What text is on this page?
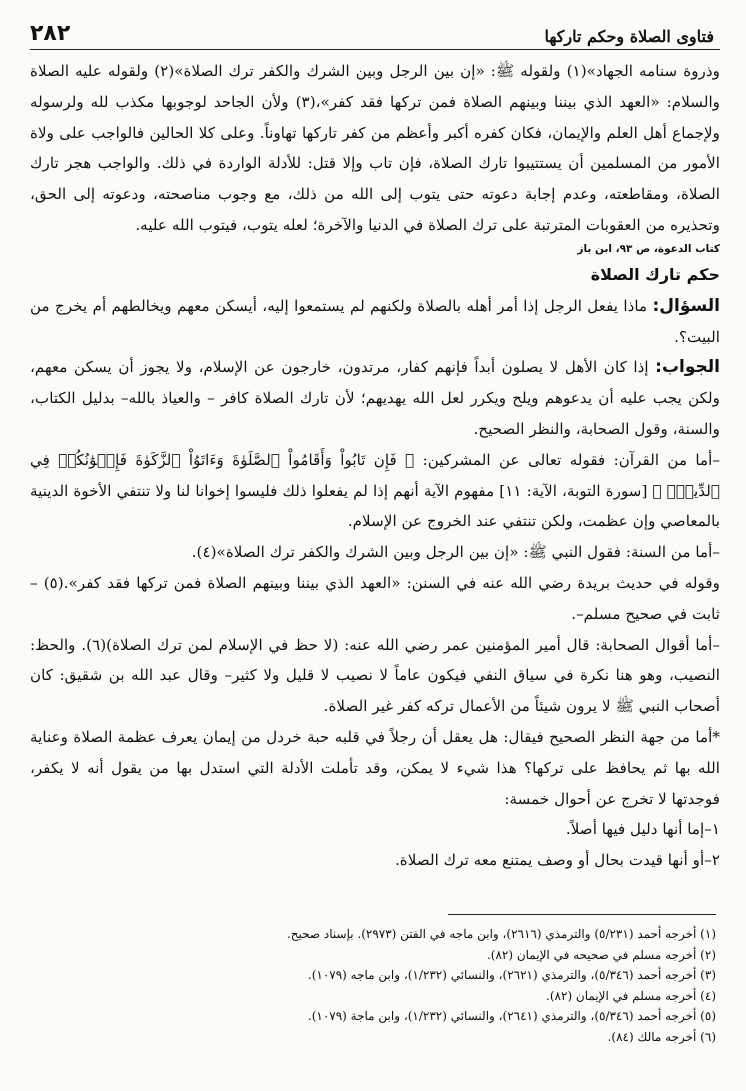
فتاوى الصلاة وحكم تاركها
٢٨٢

وذروة سنامه الجهاد»(١) ولقوله ﷺ: «إن بين الرجل وبين الشرك والكفر ترك الصلاة»(٢) ولقوله عليه الصلاة والسلام: «العهد الذي بيننا وبينهم الصلاة فمن تركها فقد كفر»،(٣) ولأن الجاحد لوجوبها مكذب لله ولرسوله ولإجماع أهل العلم والإيمان، فكان كفره أكبر وأعظم من كفر تاركها تهاوناً. وعلى كلا الحالين فالواجب على ولاة الأمور من المسلمين أن يستتيبوا تارك الصلاة، فإن تاب وإلا قتل: للأدلة الواردة في ذلك. والواجب هجر تارك الصلاة، ومقاطعته، وعدم إجابة دعوته حتى يتوب إلى الله من ذلك، مع وجوب مناصحته، ودعوته إلى الحق، وتحذيره من العقوبات المترتبة على ترك الصلاة في الدنيا والآخرة؛ لعله يتوب، فيتوب الله عليه.

كتاب الدعوة، ص ٩٣، ابن باز

حكم تارك الصلاة

السؤال: ماذا يفعل الرجل إذا أمر أهله بالصلاة ولكنهم لم يستمعوا إليه، أيسكن معهم ويخالطهم أم يخرج من البيت؟.

الجواب: إذا كان الأهل لا يصلون أبداً فإنهم كفار، مرتدون، خارجون عن الإسلام، ولا يجوز أن يسكن معهم، ولكن يجب عليه أن يدعوهم ويلح ويكرر لعل الله يهديهم؛ لأن تارك الصلاة كافر – والعياذ بالله– بدليل الكتاب، والسنة، وقول الصحابة، والنظر الصحيح.

–أما من القرآن: فقوله تعالى عن المشركين: ﴿ فَإِن تَابُواْ وَأَقَامُواْ ٱلصَّلَوٰةَ وَءَاتَوُاْ ٱلزَّكَوٰةَ فَإِخۡوَٰنُكُمۡ فِي ٱلدِّينِۗ ﴾ [سورة التوبة، الآية: ١١] مفهوم الآية أنهم إذا لم يفعلوا ذلك فليسوا إخوانا لنا ولا تنتفي الأخوة الدينية بالمعاصي وإن عظمت، ولكن تنتفي عند الخروج عن الإسلام.

–أما من السنة: فقول النبي ﷺ: «إن بين الرجل وبين الشرك والكفر ترك الصلاة»(٤).

وقوله في حديث بريدة رضي الله عنه في السنن: «العهد الذي بيننا وبينهم الصلاة فمن تركها فقد كفر».(٥) –ثابت في صحيح مسلم–.

–أما أقوال الصحابة: قال أمير المؤمنين عمر رضي الله عنه: (لا حظ في الإسلام لمن ترك الصلاة)(٦). والحظ: النصيب، وهو هنا نكرة في سياق النفي فيكون عاماً لا نصيب لا قليل ولا كثير– وقال عبد الله بن شقيق: كان أصحاب النبي ﷺ لا يرون شيئاً من الأعمال تركه كفر غير الصلاة.

*أما من جهة النظر الصحيح فيقال: هل يعقل أن رجلاً في قلبه حبة خردل من إيمان يعرف عظمة الصلاة وعناية الله بها ثم يحافظ على تركها؟ هذا شيء لا يمكن، وقد تأملت الأدلة التي استدل بها من يقول أنه لا يكفر، فوجدتها لا تخرج عن أحوال خمسة:

١–إما أنها دليل فيها أصلاً.

٢–أو أنها قيدت بحال أو وصف يمتنع معه ترك الصلاة.

(١) أخرجه أحمد (٥/٢٣١) والترمذي (٢٦١٦)، وابن ماجه في الفتن (٢٩٧٣). بإسناد صحيح.
(٢) أخرجه مسلم في صحيحه في الإيمان (٨٢).
(٣) أخرجه أحمد (٥/٣٤٦)، والترمذي (٢٦٢١)، والنسائي (١/٢٣٢)، وابن ماجه (١٠٧٩).
(٤) أخرجه مسلم في الإيمان (٨٢).
(٥) أخرجه أحمد (٥/٣٤٦)، والترمذي (٢٦٤١)، والنسائي (١/٢٣٢)، وابن ماجة (١٠٧٩).
(٦) أخرجه مالك (٨٤).
